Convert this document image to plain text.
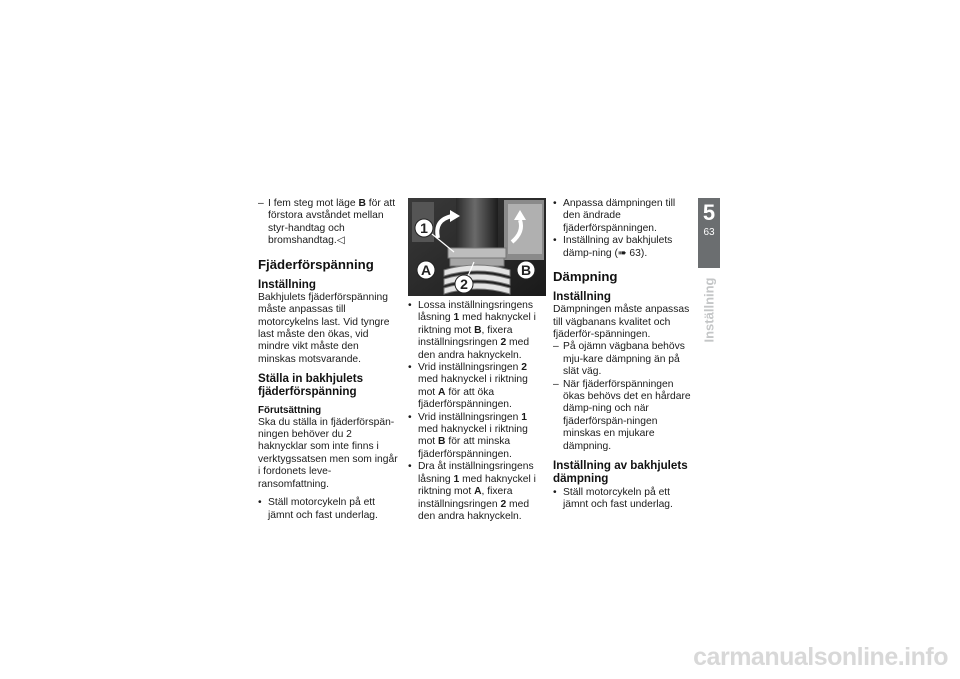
– I fem steg mot läge B för att förstora avståndet mellan styr-handtag och bromshandtag.◁

Fjäderförspänning
Inställning

Bakhjulets fjäderförspänning måste anpassas till motorcykelns last. Vid tyngre last måste den ökas, vid mindre vikt måste den minskas motsvarande.

Ställa in bakhjulets fjäderförspänning
Förutsättning

Ska du ställa in fjäderförspän-ningen behöver du 2 haknycklar som inte finns i verktygssatsen men som ingår i fordonets leve-ransomfattning.

• Ställ motorcykeln på ett jämnt och fast underlag.

1
2
A	B

• Lossa inställningsringens låsning 1 med haknyckel i riktning mot B, fixera inställningsringen 2 med den andra haknyckeln.

• Vrid inställningsringen 2 med haknyckel i riktning mot A för att öka fjäderförspänningen.

• Vrid inställningsringen 1 med haknyckel i riktning mot B för att minska fjäderförspänningen.

• Dra åt inställningsringens låsning 1 med haknyckel i riktning mot A, fixera inställningsringen 2 med den andra haknyckeln.

• Anpassa dämpningen till den ändrade fjäderförspänningen.

• Inställning av bakhjulets dämp-ning (➠ 63).

Dämpning
Inställning

Dämpningen måste anpassas till vägbanans kvalitet och fjäderför-spänningen.

– På ojämn vägbana behövs mju-kare dämpning än på slät väg.

– När fjäderförspänningen ökas behövs det en hårdare dämp-ning och när fjäderförspän-ningen minskas en mjukare dämpning.

Inställning av bakhjulets dämpning

• Ställ motorcykeln på ett jämnt och fast underlag.

5
63
Inställning
carmanualsonline.info
